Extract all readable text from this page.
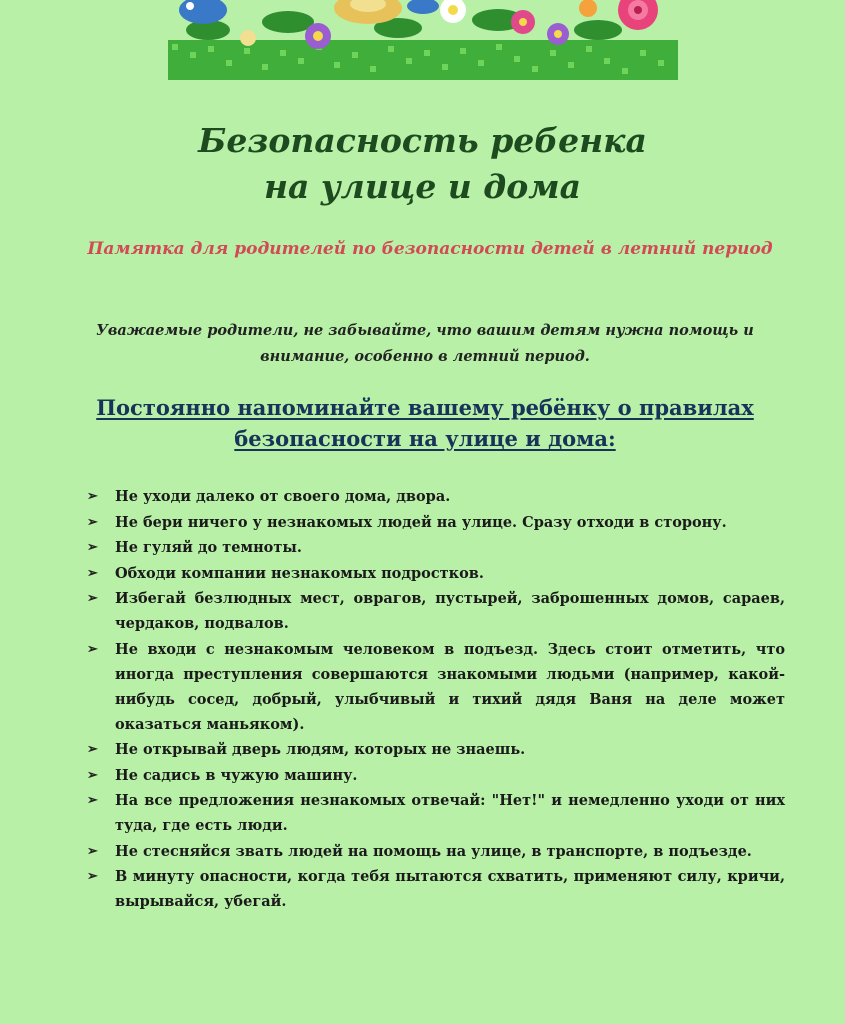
Безопасность ребенка
на улице и дома

Памятка для родителей по безопасности детей в летний период

Уважаемые родители, не забывайте, что вашим детям нужна помощь и внимание, особенно в летний период.

Постоянно напоминайте вашему ребёнку о правилах безопасности на улице и дома:

➢ Не уходи далеко от своего дома, двора.
➢ Не бери ничего у незнакомых людей на улице. Сразу отходи в сторону.
➢ Не гуляй до темноты.
➢ Обходи компании незнакомых подростков.
➢ Избегай безлюдных мест, оврагов, пустырей, заброшенных домов, сараев, чердаков, подвалов.
➢ Не входи с незнакомым человеком в подъезд. Здесь стоит отметить, что иногда преступления совершаются знакомыми людьми (например, какой-нибудь сосед, добрый, улыбчивый и тихий дядя Ваня на деле может оказаться маньяком).
➢ Не открывай дверь людям, которых не знаешь.
➢ Не садись в чужую машину.
➢ На все предложения незнакомых отвечай: "Нет!" и немедленно уходи от них туда, где есть люди.
➢ Не стесняйся звать людей на помощь на улице, в транспорте, в подъезде.
➢ В минуту опасности, когда тебя пытаются схватить, применяют силу, кричи, вырывайся, убегай.
